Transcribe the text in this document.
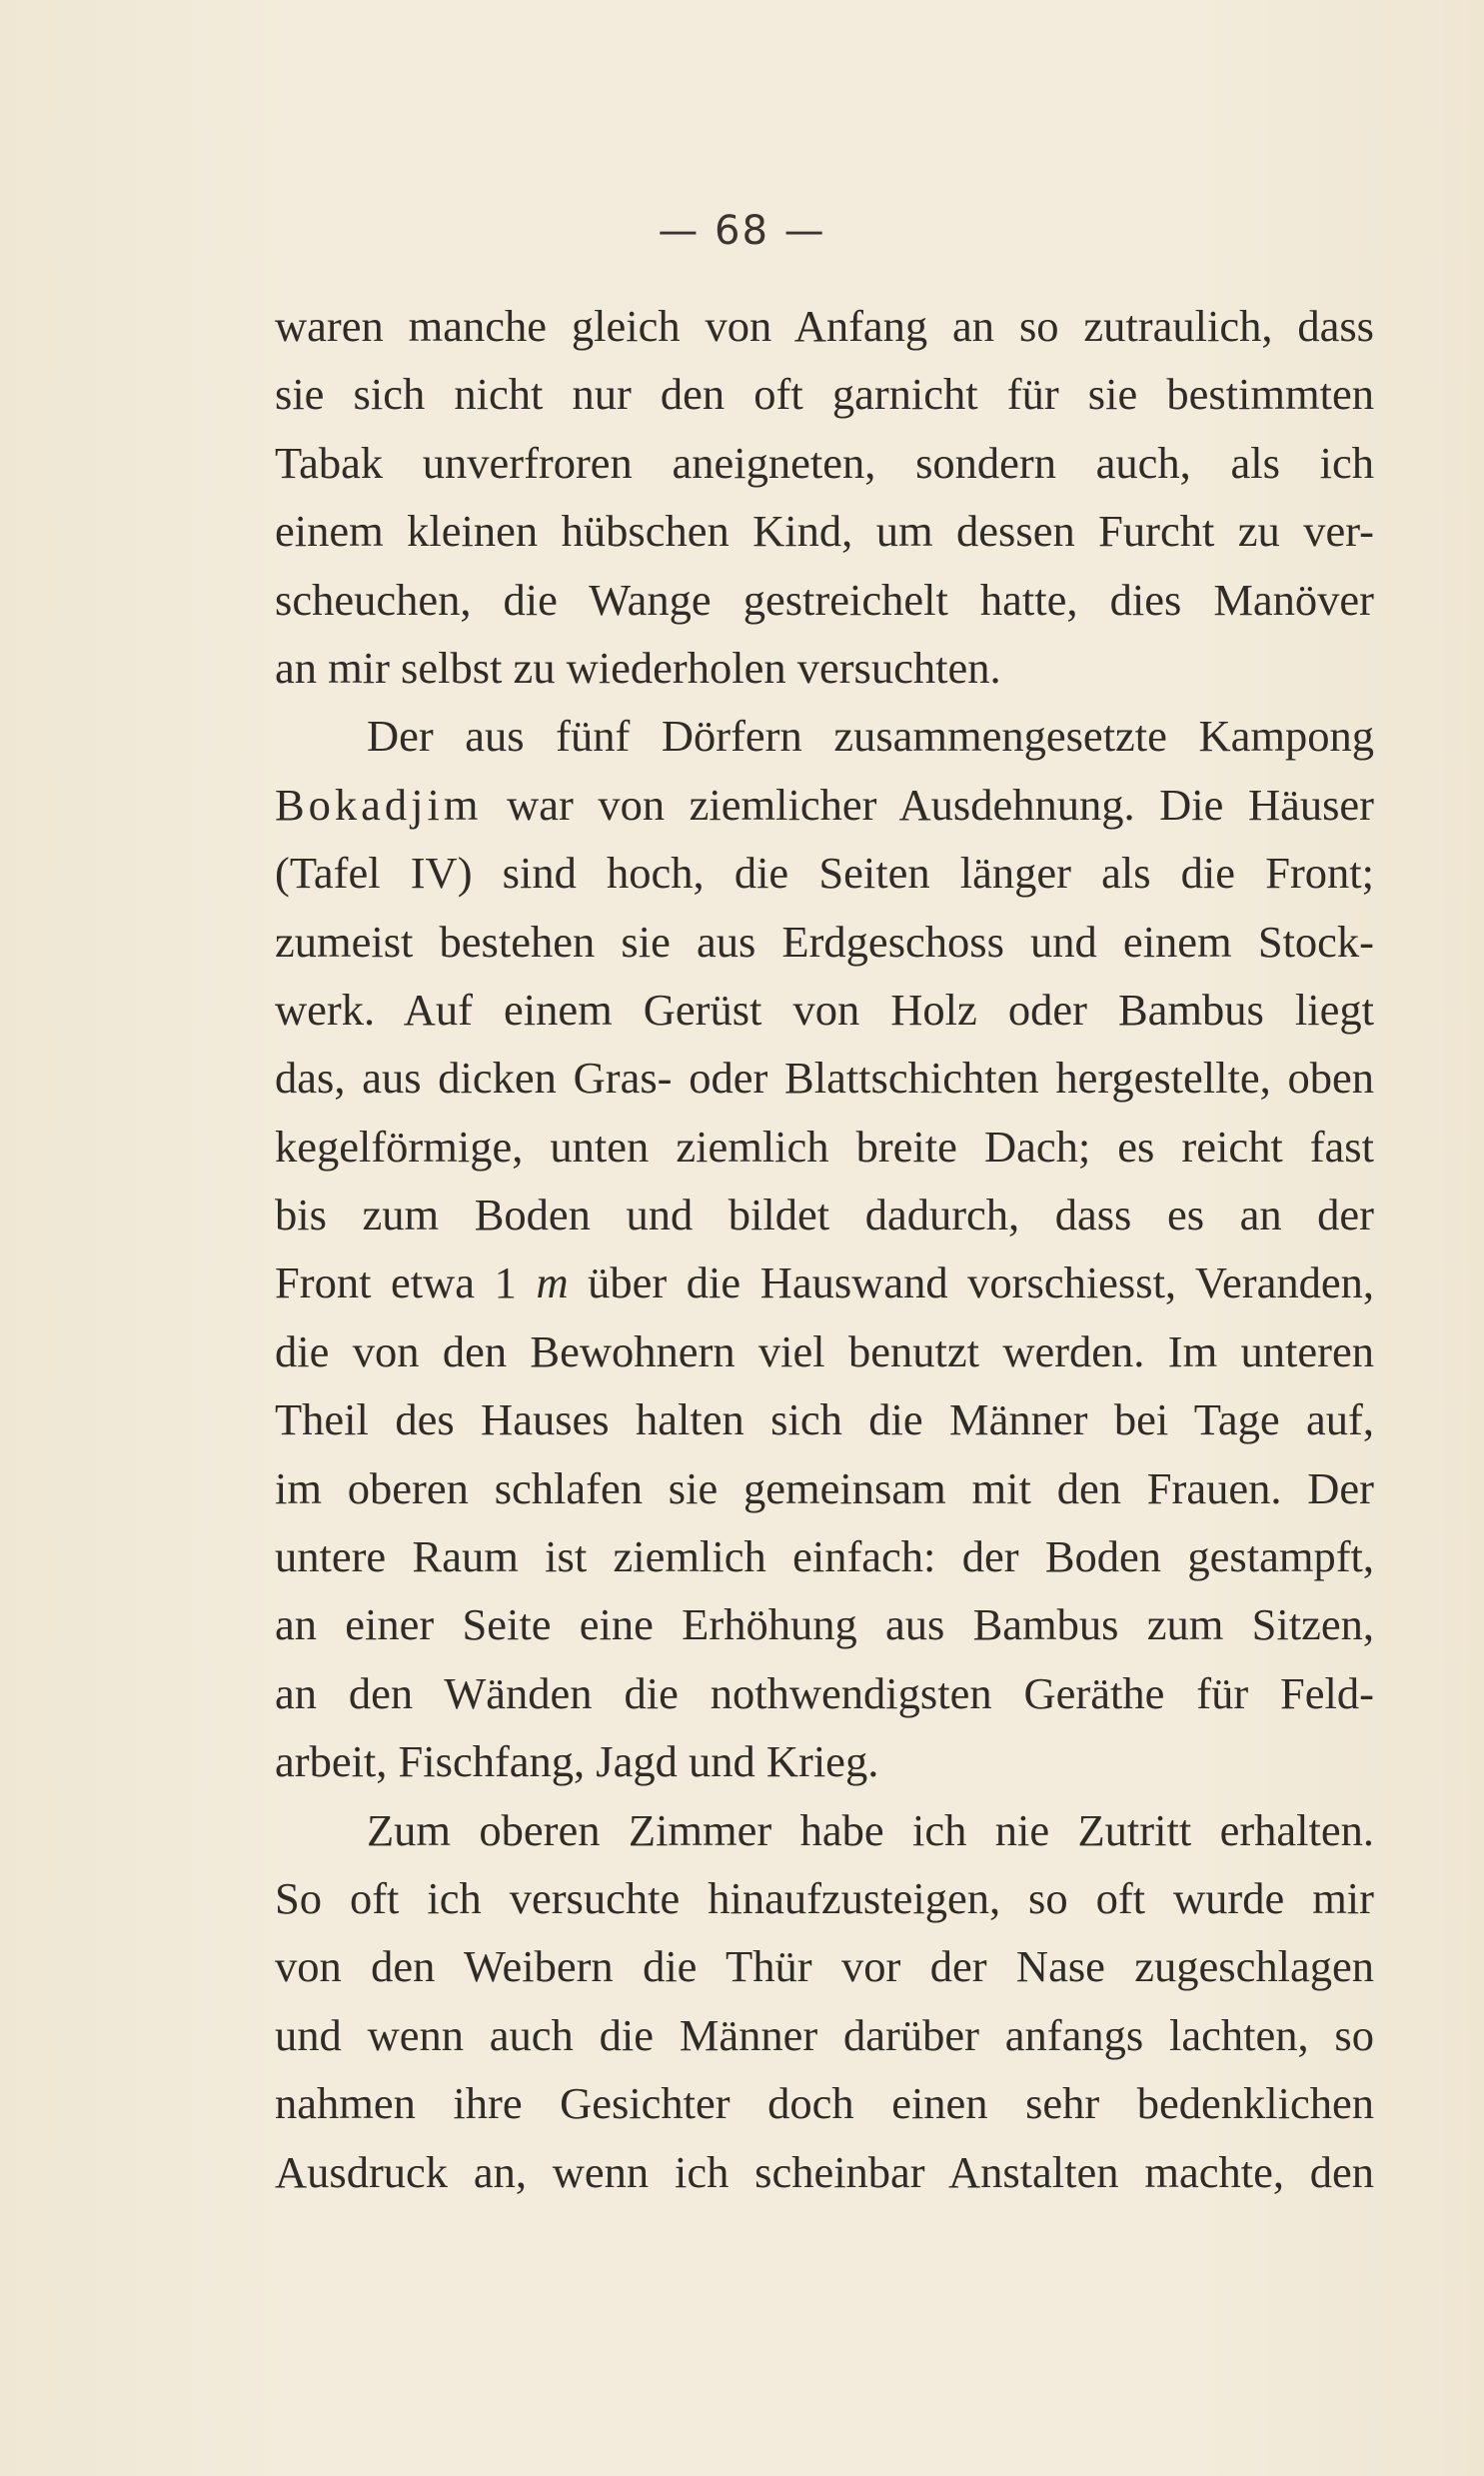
— 68 —
waren manche gleich von Anfang an so zutraulich, dass
sie sich nicht nur den oft garnicht für sie bestimmten
Tabak unverfroren aneigneten, sondern auch, als ich
einem kleinen hübschen Kind, um dessen Furcht zu ver-
scheuchen, die Wange gestreichelt hatte, dies Manöver
an mir selbst zu wiederholen versuchten.
Der aus fünf Dörfern zusammengesetzte Kampong
Bokadjim war von ziemlicher Ausdehnung. Die Häuser
(Tafel IV) sind hoch, die Seiten länger als die Front;
zumeist bestehen sie aus Erdgeschoss und einem Stock-
werk. Auf einem Gerüst von Holz oder Bambus liegt
das, aus dicken Gras- oder Blattschichten hergestellte, oben
kegelförmige, unten ziemlich breite Dach; es reicht fast
bis zum Boden und bildet dadurch, dass es an der
Front etwa 1 m über die Hauswand vorschiesst, Veranden,
die von den Bewohnern viel benutzt werden. Im unteren
Theil des Hauses halten sich die Männer bei Tage auf,
im oberen schlafen sie gemeinsam mit den Frauen. Der
untere Raum ist ziemlich einfach: der Boden gestampft,
an einer Seite eine Erhöhung aus Bambus zum Sitzen,
an den Wänden die nothwendigsten Geräthe für Feld-
arbeit, Fischfang, Jagd und Krieg.
Zum oberen Zimmer habe ich nie Zutritt erhalten.
So oft ich versuchte hinaufzusteigen, so oft wurde mir
von den Weibern die Thür vor der Nase zugeschlagen
und wenn auch die Männer darüber anfangs lachten, so
nahmen ihre Gesichter doch einen sehr bedenklichen
Ausdruck an, wenn ich scheinbar Anstalten machte, den
